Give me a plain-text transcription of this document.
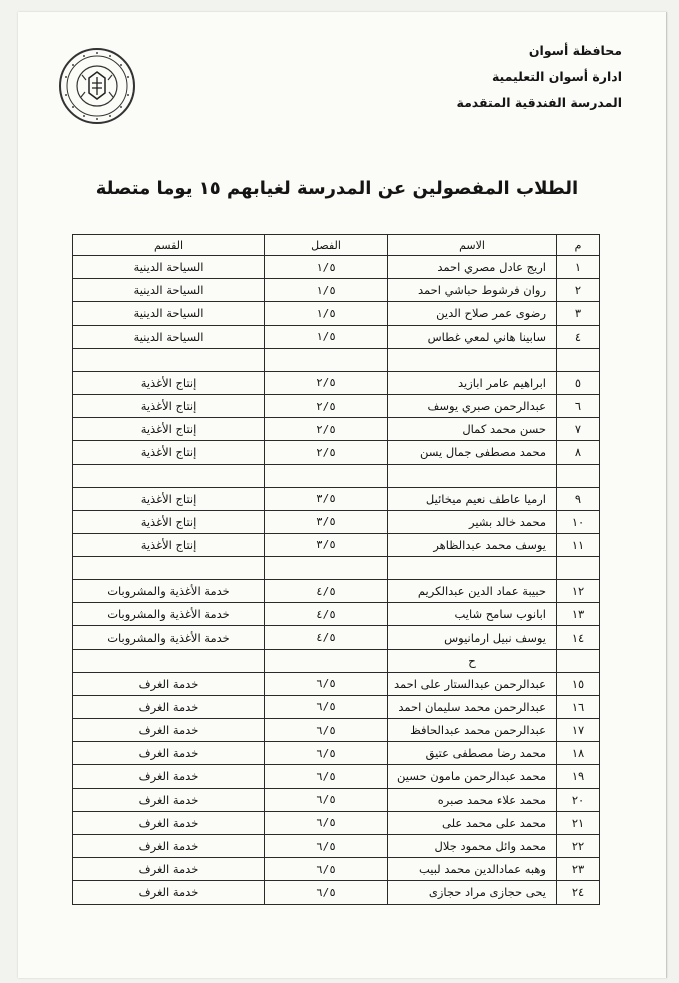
محافظة أسوان
ادارة أسوان التعليمية
المدرسة الفندقية المتقدمة
الطلاب المفصولين عن المدرسة لغيابهم ١٥ يوما متصلة
م	الاسم	الفصل	القسم
١	اريج عادل مصري احمد	١/٥	السياحة الدينية
٢	روان فرشوط حباشي احمد	١/٥	السياحة الدينية
٣	رضوى عمر صلاح الدين	١/٥	السياحة الدينية
٤	سابينا هاني لمعي غطاس	١/٥	السياحة الدينية

٥	ابراهيم عامر ابازيد	٢/٥	إنتاج الأغذية
٦	عبدالرحمن صبري يوسف	٢/٥	إنتاج الأغذية
٧	حسن محمد كمال	٢/٥	إنتاج الأغذية
٨	محمد مصطفى جمال يسن	٢/٥	إنتاج الأغذية

٩	ارميا عاطف نعيم ميخائيل	٣/٥	إنتاج الأغذية
١٠	محمد خالد بشير	٣/٥	إنتاج الأغذية
١١	يوسف محمد عبدالظاهر	٣/٥	إنتاج الأغذية

١٢	حبيبة عماد الدين عبدالكريم	٤/٥	خدمة الأغذية والمشروبات
١٣	ابانوب سامح شايب	٤/٥	خدمة الأغذية والمشروبات
١٤	يوسف نبيل ارمانيوس	٤/٥	خدمة الأغذية والمشروبات
	ح		
١٥	عبدالرحمن عبدالستار على احمد	٦/٥	خدمة الغرف
١٦	عبدالرحمن محمد سليمان احمد	٦/٥	خدمة الغرف
١٧	عبدالرحمن محمد عبدالحافظ	٦/٥	خدمة الغرف
١٨	محمد رضا مصطفى عتيق	٦/٥	خدمة الغرف
١٩	محمد عبدالرحمن مامون حسين	٦/٥	خدمة الغرف
٢٠	محمد علاء محمد صبره	٦/٥	خدمة الغرف
٢١	محمد على محمد على	٦/٥	خدمة الغرف
٢٢	محمد وائل محمود جلال	٦/٥	خدمة الغرف
٢٣	وهبه عمادالدين محمد لبيب	٦/٥	خدمة الغرف
٢٤	يحى حجازى مراد حجازى	٦/٥	خدمة الغرف
